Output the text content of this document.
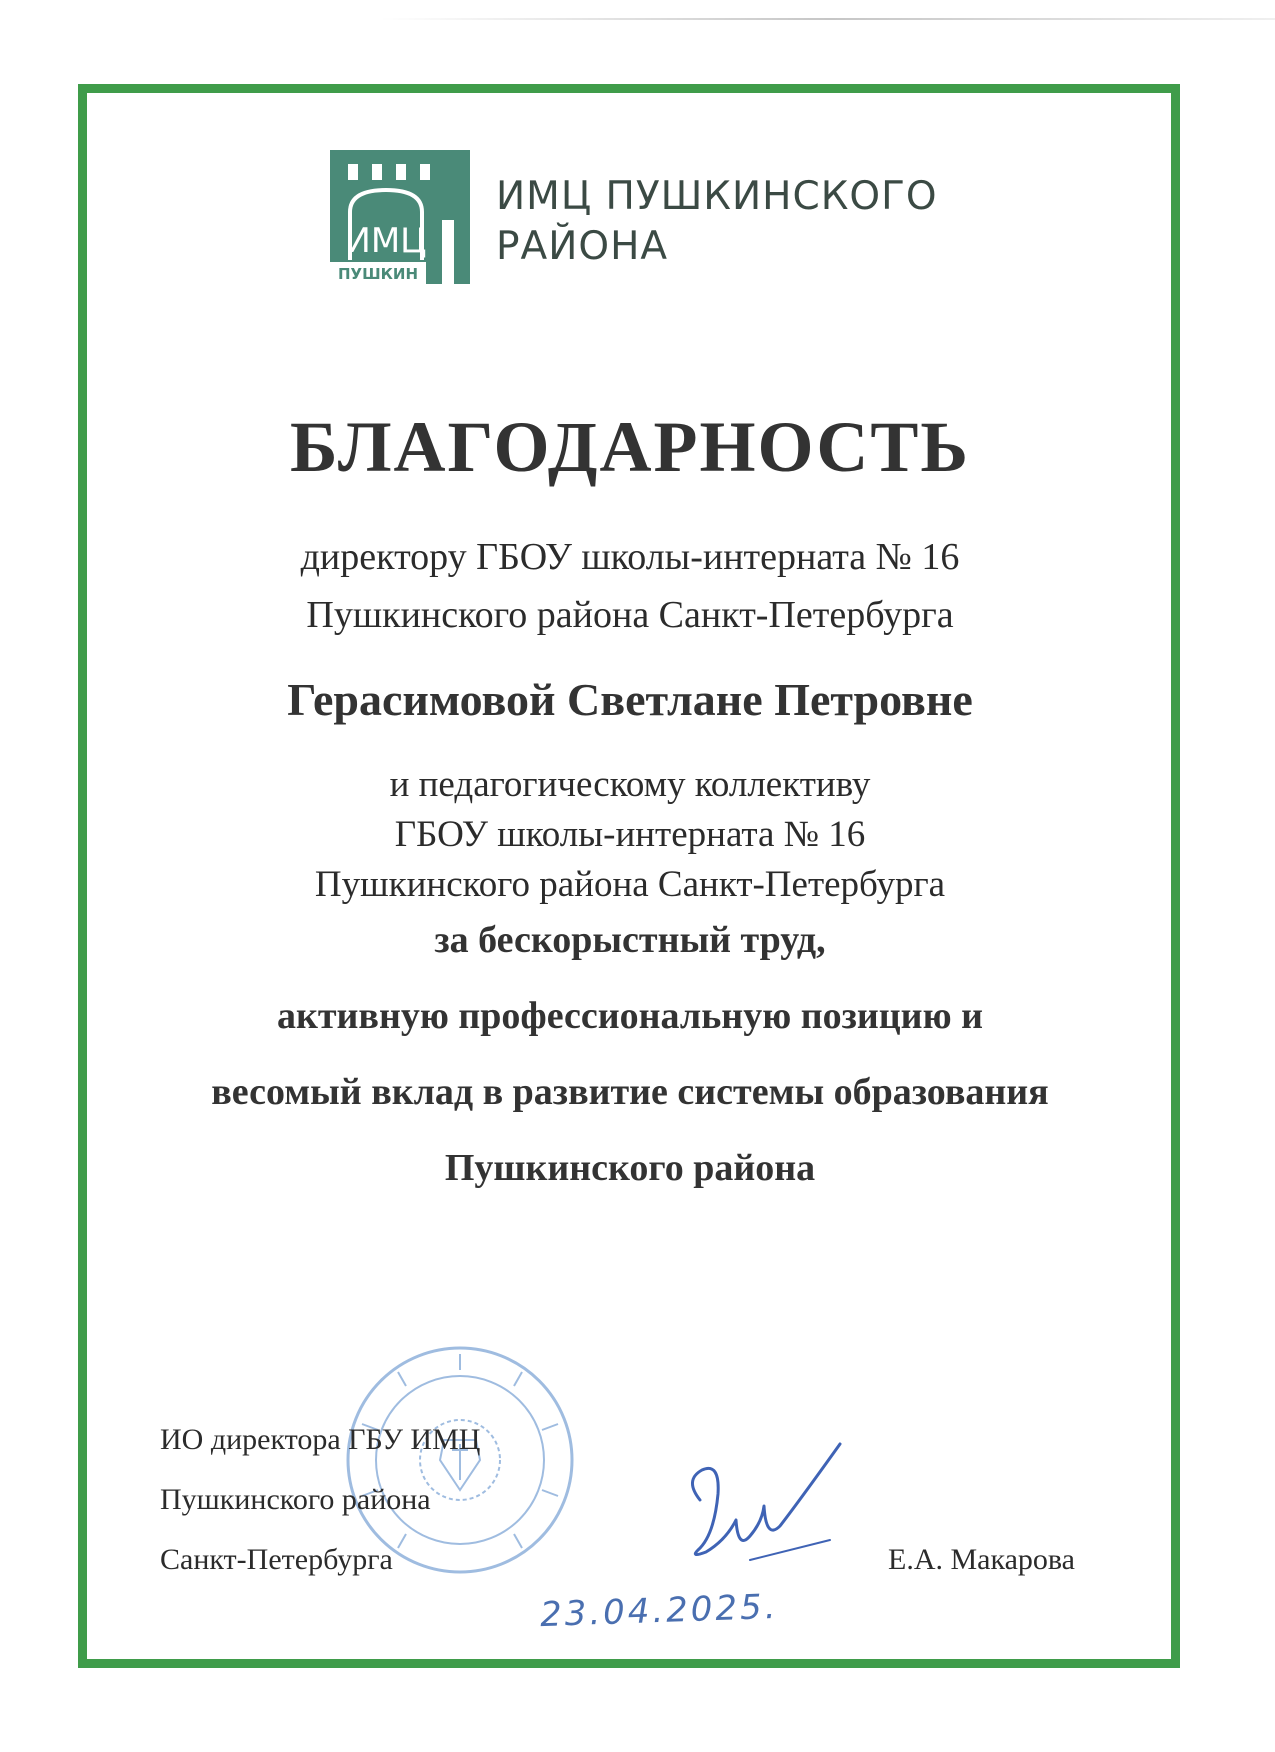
ИМЦ
ПУШКИН
ИМЦ ПУШКИНСКОГО
РАЙОНА
БЛАГОДАРНОСТЬ
директору ГБОУ школы-интерната № 16
Пушкинского района Санкт-Петербурга
Герасимовой Светлане Петровне
и педагогическому коллективу
ГБОУ школы-интерната № 16
Пушкинского района Санкт-Петербурга
за бескорыстный труд,
активную профессиональную позицию и
весомый вклад в развитие системы образования
Пушкинского района
ИО директора ГБУ ИМЦ
Пушкинского района
Санкт-Петербурга
23.04.2025.
Е.А. Макарова
